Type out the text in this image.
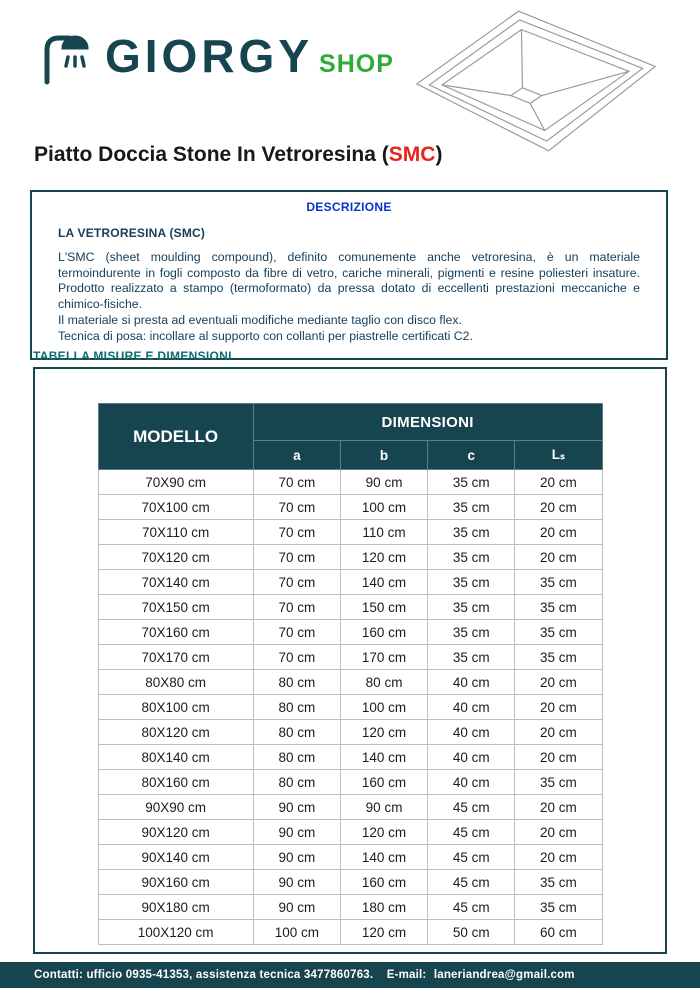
GIORGY SHOP
Piatto Doccia Stone In Vetroresina (SMC)
DESCRIZIONE
LA VETRORESINA (SMC)

L'SMC (sheet moulding compound), definito comunemente anche vetroresina, è un materiale termoindurente in fogli composto da fibre di vetro, cariche minerali, pigmenti e resine poliesteri insature. Prodotto realizzato a stampo (termoformato) da pressa dotato di eccellenti prestazioni meccaniche e chimico-fisiche.

Il materiale si presta ad eventuali modifiche mediante taglio con disco flex.

Tecnica di posa: incollare al supporto con collanti per piastrelle certificati C2.

TABELLA MISURE E DIMENSIONI
MODELLO	DIMENSIONI			
	a	b	c	Lₛ
70X90 cm	70 cm	90 cm	35 cm	20 cm
70X100 cm	70 cm	100 cm	35 cm	20 cm
70X110 cm	70 cm	110 cm	35 cm	20 cm
70X120 cm	70 cm	120 cm	35 cm	20 cm
70X140 cm	70 cm	140 cm	35 cm	35 cm
70X150 cm	70 cm	150 cm	35 cm	35 cm
70X160 cm	70 cm	160 cm	35 cm	35 cm
70X170 cm	70 cm	170 cm	35 cm	35 cm
80X80 cm	80 cm	80 cm	40 cm	20 cm
80X100 cm	80 cm	100 cm	40 cm	20 cm
80X120 cm	80 cm	120 cm	40 cm	20 cm
80X140 cm	80 cm	140 cm	40 cm	20 cm
80X160 cm	80 cm	160 cm	40 cm	35 cm
90X90 cm	90 cm	90 cm	45 cm	20 cm
90X120 cm	90 cm	120 cm	45 cm	20 cm
90X140 cm	90 cm	140 cm	45 cm	20 cm
90X160 cm	90 cm	160 cm	45 cm	35 cm
90X180 cm	90 cm	180 cm	45 cm	35 cm
100X120 cm	100 cm	120 cm	50 cm	60 cm
Contatti: ufficio 0935-41353, assistenza tecnica 3477860763. E-mail: laneriandrea@gmail.com
